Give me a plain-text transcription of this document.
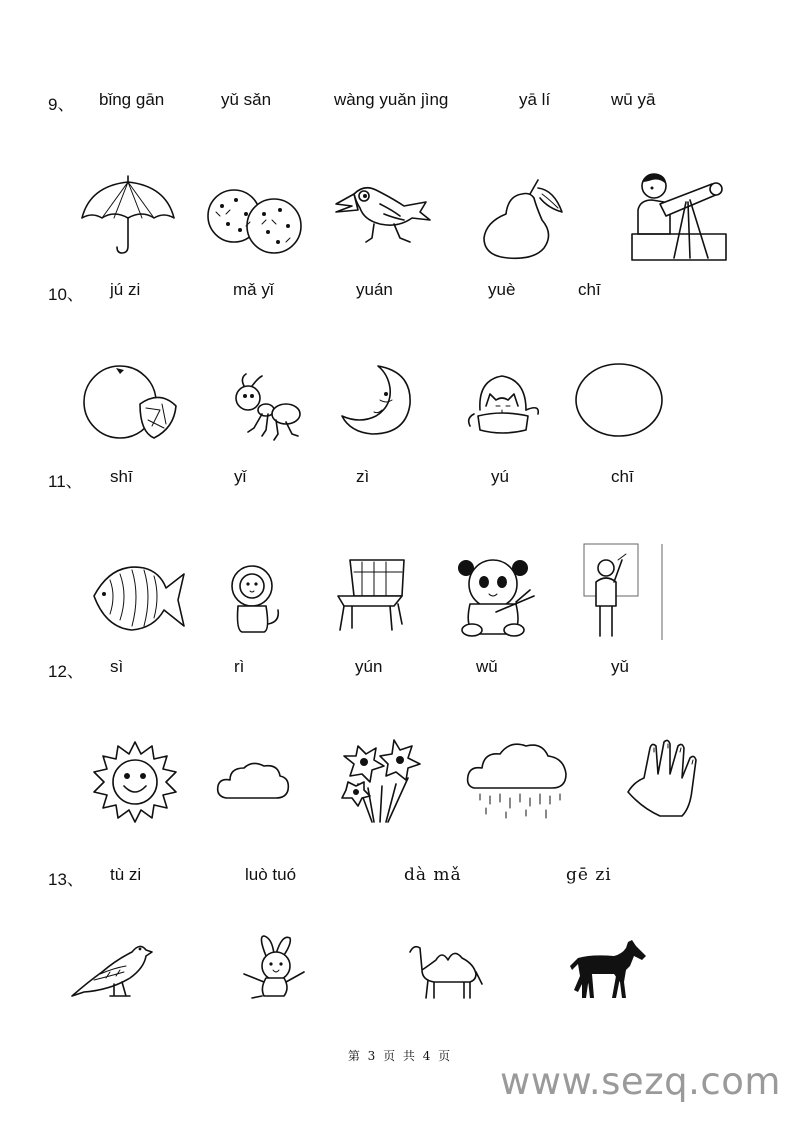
9、 bǐng gān	yǔ sǎn	wàng yuǎn jìng	yā lí	wū yā
10、 jú zi	mǎ yǐ	yuán	yuè	chī
11、 shī	yǐ	zì	yú	chī
12、 sì	rì	yún	wǔ	yǔ
13、 tù zi	luò tuó	dà mǎ	gē zi
第 3 页 共 4 页
www.sezq.com
